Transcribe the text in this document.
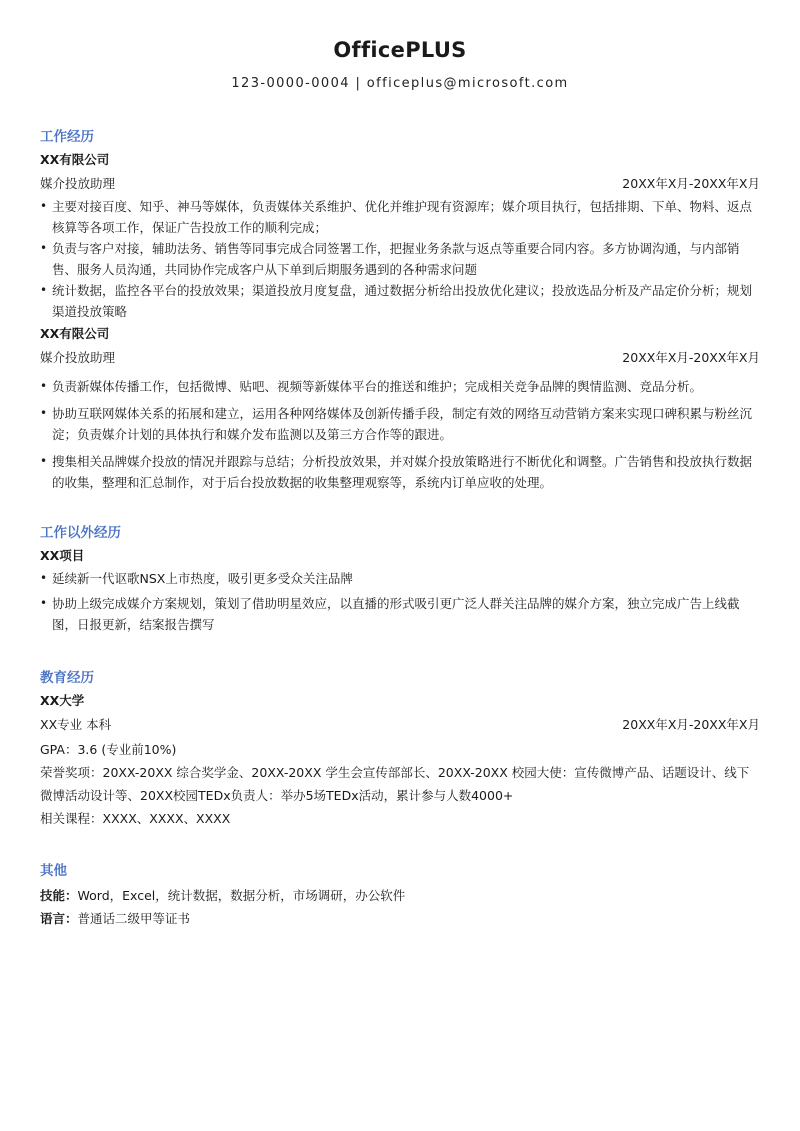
OfficePLUS
123-0000-0004 | officeplus@microsoft.com
工作经历
XX有限公司
媒介投放助理	20XX年X月-20XX年X月
• 主要对接百度、知乎、神马等媒体，负责媒体关系维护、优化并维护现有资源库；媒介项目执行，包括排期、下单、物料、返点核算等各项工作，保证广告投放工作的顺利完成；
• 负责与客户对接，辅助法务、销售等同事完成合同签署工作，把握业务条款与返点等重要合同内容。多方协调沟通，与内部销售、服务人员沟通，共同协作完成客户从下单到后期服务遇到的各种需求问题
• 统计数据，监控各平台的投放效果；渠道投放月度复盘，通过数据分析给出投放优化建议；投放选品分析及产品定价分析；规划渠道投放策略
XX有限公司
媒介投放助理	20XX年X月-20XX年X月
• 负责新媒体传播工作，包括微博、贴吧、视频等新媒体平台的推送和维护；完成相关竞争品牌的舆情监测、竞品分析。
• 协助互联网媒体关系的拓展和建立，运用各种网络媒体及创新传播手段，制定有效的网络互动营销方案来实现口碑积累与粉丝沉淀；负责媒介计划的具体执行和媒介发布监测以及第三方合作等的跟进。
• 搜集相关品牌媒介投放的情况并跟踪与总结；分析投放效果，并对媒介投放策略进行不断优化和调整。广告销售和投放执行数据的收集，整理和汇总制作，对于后台投放数据的收集整理观察等，系统内订单应收的处理。
工作以外经历
XX项目
• 延续新一代讴歌NSX上市热度，吸引更多受众关注品牌
• 协助上级完成媒介方案规划，策划了借助明星效应，以直播的形式吸引更广泛人群关注品牌的媒介方案，独立完成广告上线截图，日报更新，结案报告撰写
教育经历
XX大学
XX专业 本科	20XX年X月-20XX年X月
GPA：3.6 (专业前10%)
荣誉奖项：20XX-20XX 综合奖学金、20XX-20XX 学生会宣传部部长、20XX-20XX 校园大使：宣传微博产品、话题设计、线下微博活动设计等、20XX校园TEDx负责人：举办5场TEDx活动，累计参与人数4000+
相关课程：XXXX、XXXX、XXXX
其他
技能：Word，Excel，统计数据，数据分析，市场调研，办公软件
语言：普通话二级甲等证书
